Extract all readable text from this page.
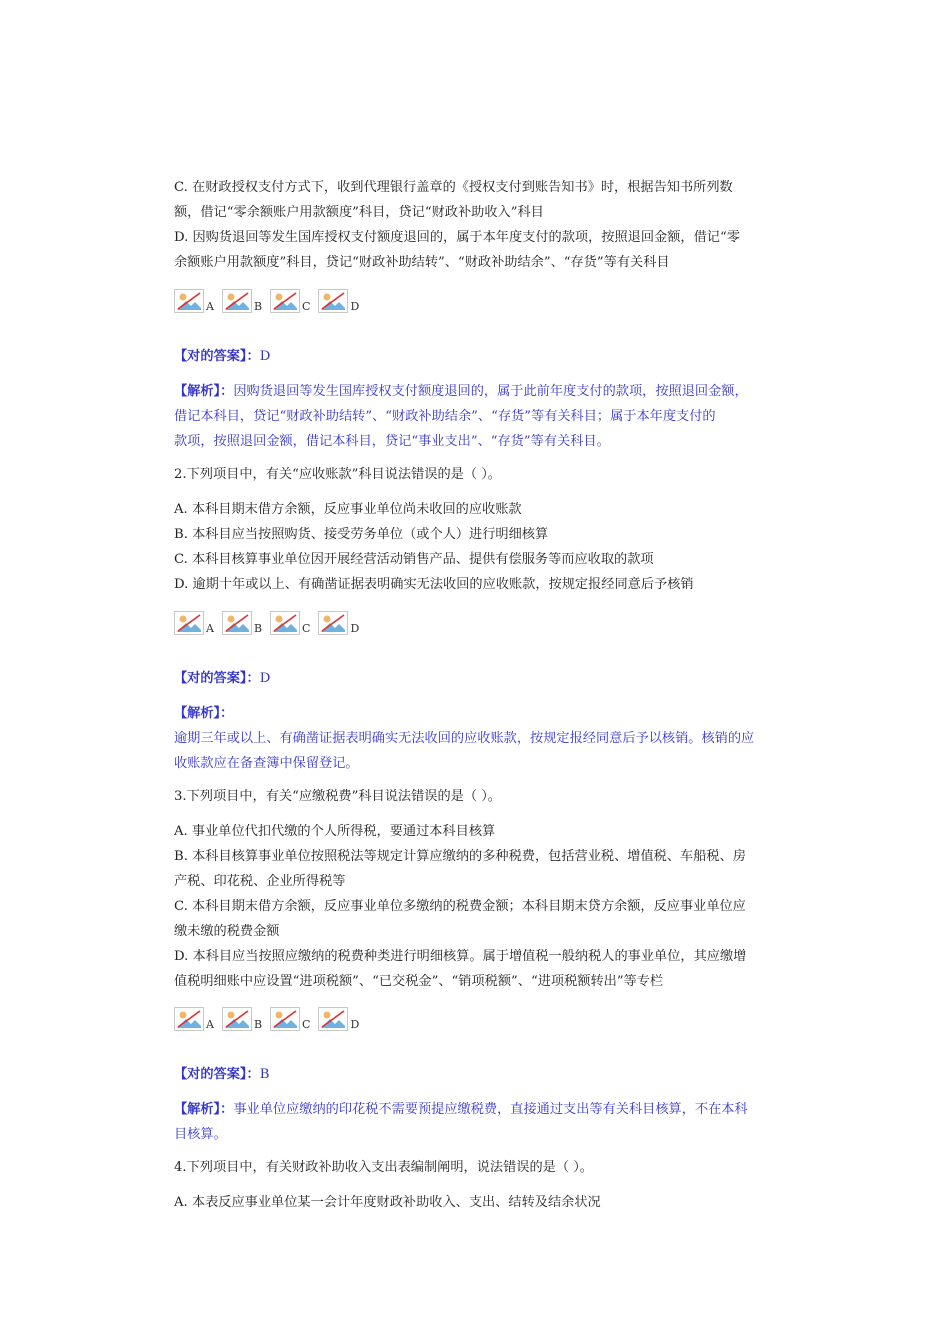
C. 在财政授权支付方式下，收到代理银行盖章的《授权支付到账告知书》时，根据告知书所列数
额，借记“零余额账户用款额度”科目，贷记“财政补助收入”科目
D. 因购货退回等发生国库授权支付额度退回的，属于本年度支付的款项，按照退回金额，借记“零
余额账户用款额度”科目，贷记“财政补助结转”、“财政补助结余”、“存货”等有关科目
A	B	C	D
【对的答案】：D
【解析】：因购货退回等发生国库授权支付额度退回的，属于此前年度支付的款项，按照退回金额，
借记本科目，贷记“财政补助结转”、“财政补助结余”、“存货”等有关科目；属于本年度支付的
款项，按照退回金额，借记本科目，贷记“事业支出”、“存货”等有关科目。
2.下列项目中，有关“应收账款”科目说法错误的是（ ）。
A. 本科目期末借方余额，反应事业单位尚未收回的应收账款
B. 本科目应当按照购货、接受劳务单位（或个人）进行明细核算
C. 本科目核算事业单位因开展经营活动销售产品、提供有偿服务等而应收取的款项
D. 逾期十年或以上、有确凿证据表明确实无法收回的应收账款，按规定报经同意后予核销
A	B	C	D
【对的答案】：D
【解析】：
逾期三年或以上、有确凿证据表明确实无法收回的应收账款，按规定报经同意后予以核销。核销的应
收账款应在备查簿中保留登记。
3.下列项目中，有关“应缴税费”科目说法错误的是（ ）。
A. 事业单位代扣代缴的个人所得税，要通过本科目核算
B. 本科目核算事业单位按照税法等规定计算应缴纳的多种税费，包括营业税、增值税、车船税、房
产税、印花税、企业所得税等
C. 本科目期末借方余额，反应事业单位多缴纳的税费金额；本科目期末贷方余额，反应事业单位应
缴未缴的税费金额
D. 本科目应当按照应缴纳的税费种类进行明细核算。属于增值税一般纳税人的事业单位，其应缴增
值税明细账中应设置“进项税额”、“已交税金”、“销项税额”、“进项税额转出”等专栏
A	B	C	D
【对的答案】：B
【解析】：事业单位应缴纳的印花税不需要预提应缴税费，直接通过支出等有关科目核算，不在本科
目核算。
4.下列项目中，有关财政补助收入支出表编制阐明，说法错误的是（ ）。
A. 本表反应事业单位某一会计年度财政补助收入、支出、结转及结余状况
